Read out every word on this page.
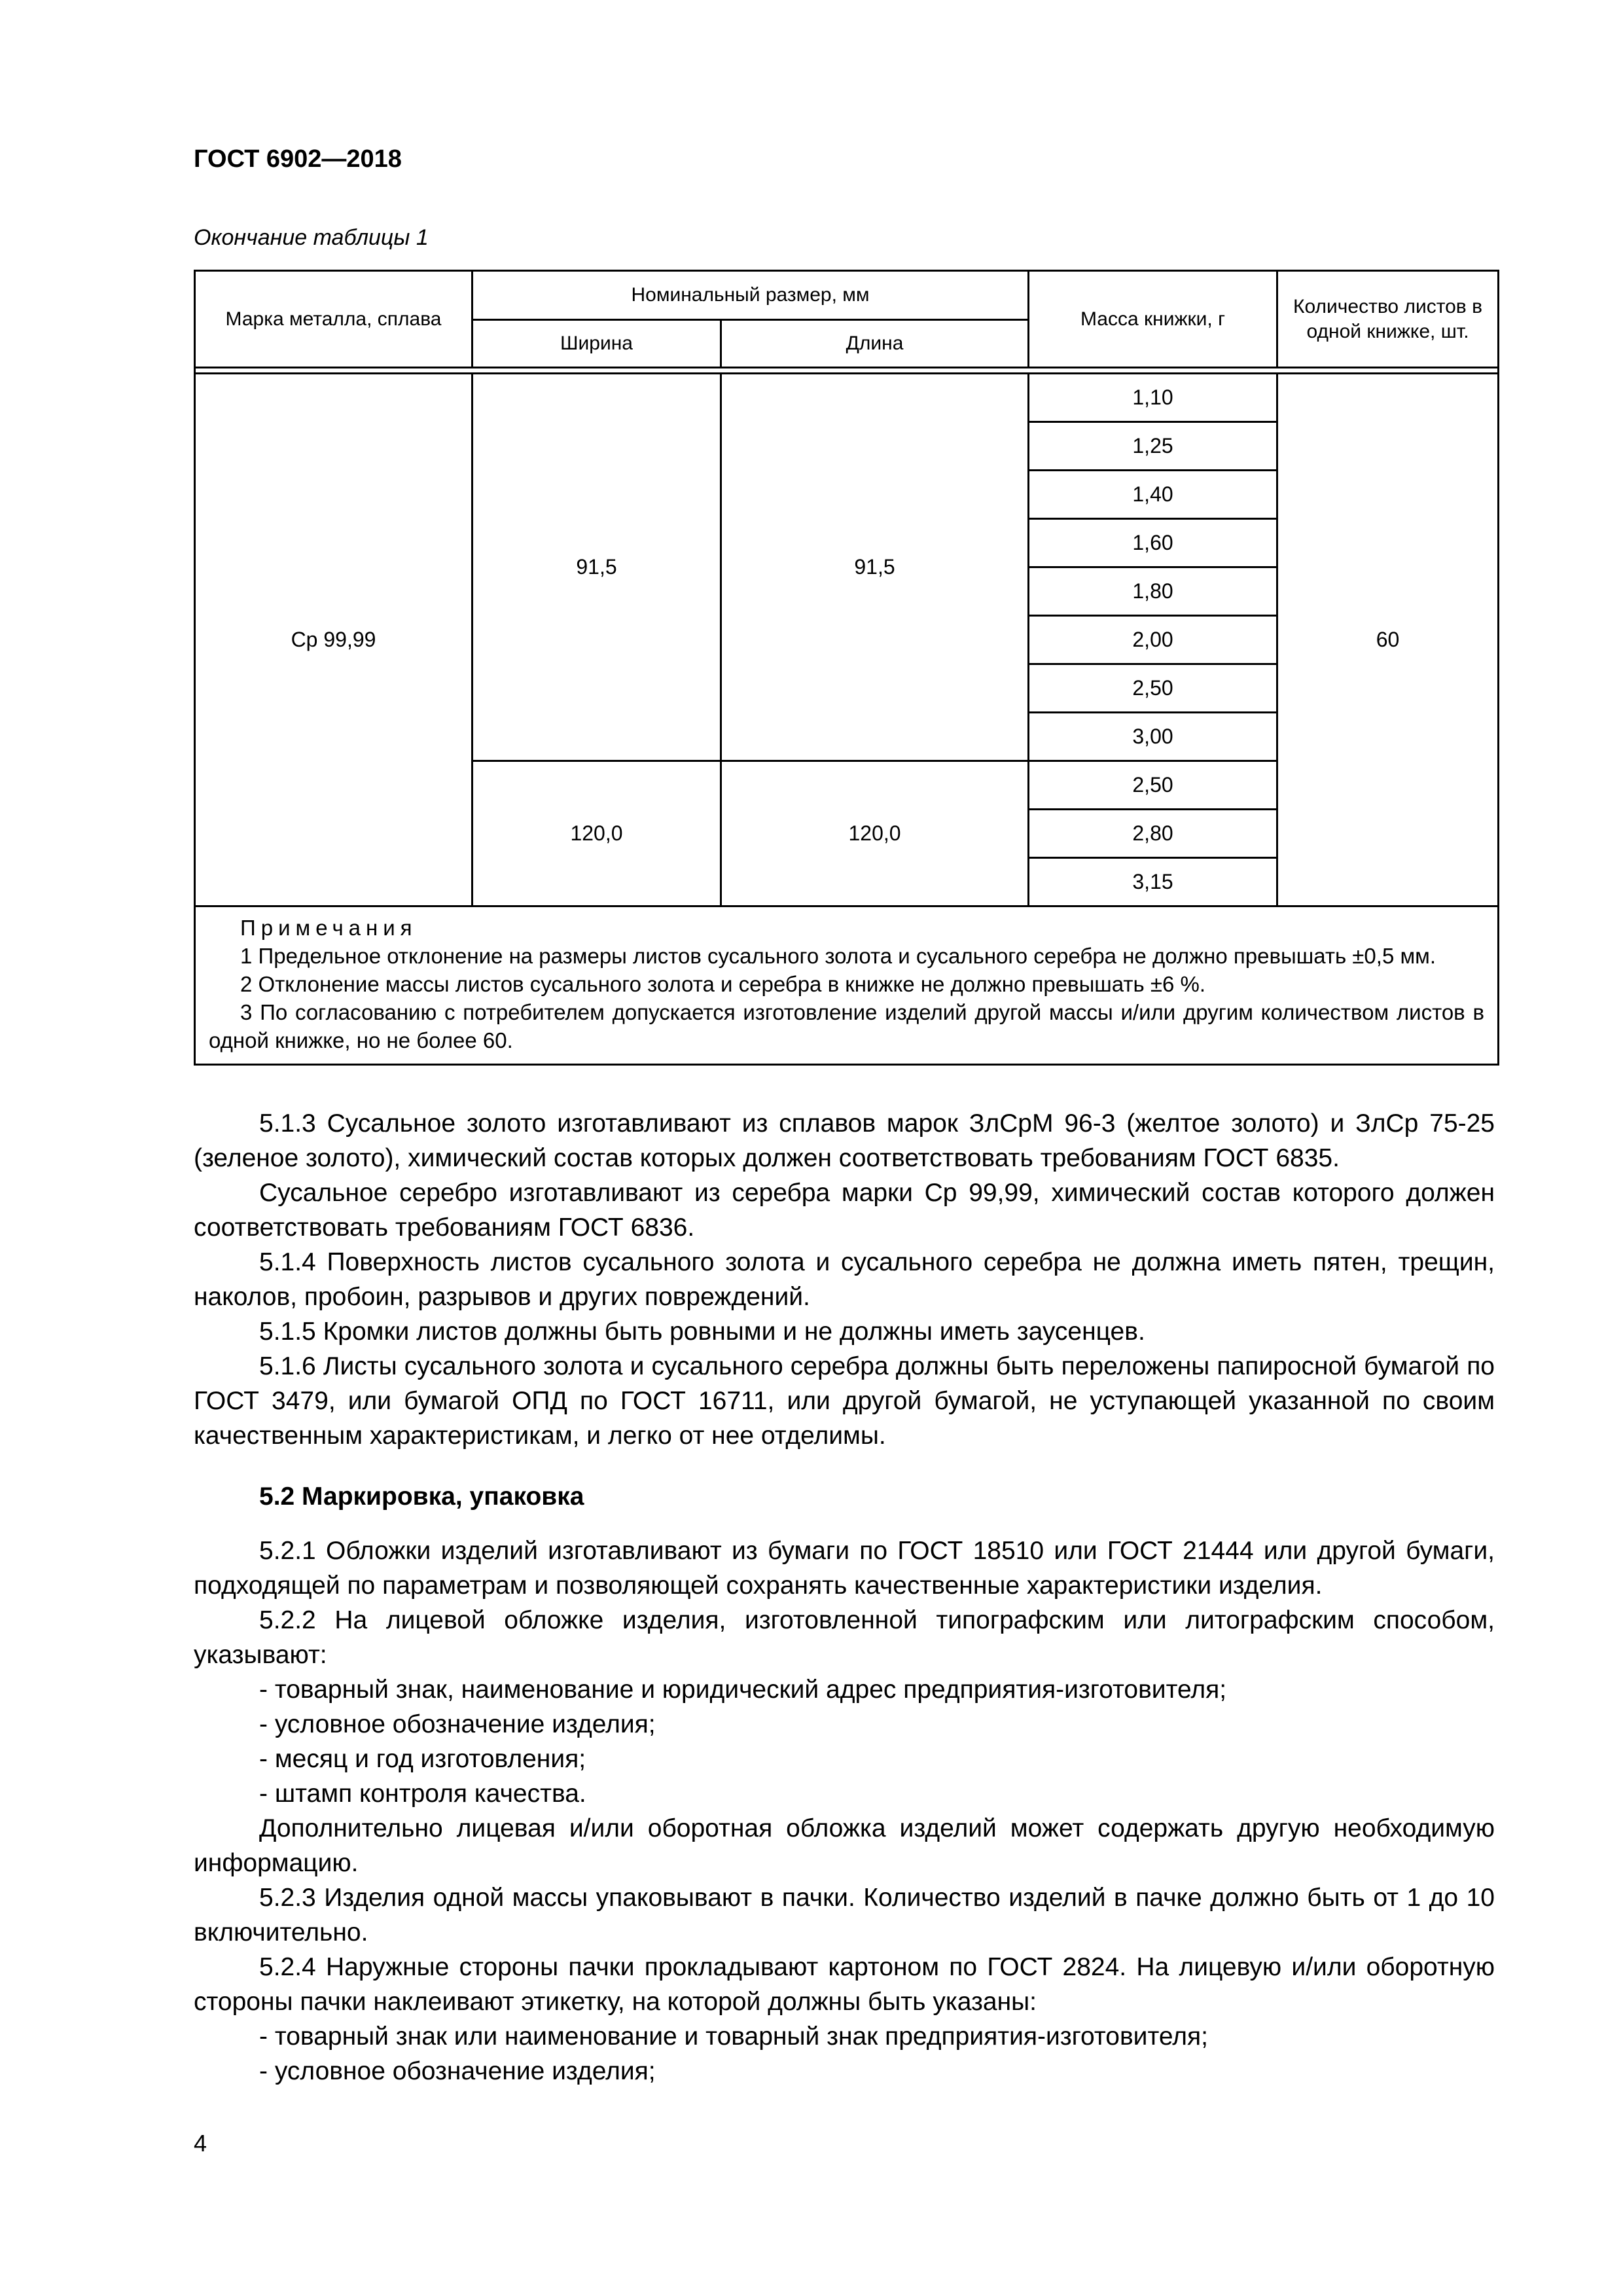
ГОСТ 6902—2018

Окончание таблицы 1

Марка металла, сплава	Номинальный размер, мм		Масса книжки, г	Количество листов в одной книжке, шт.
	Ширина	Длина		

Ср 99,99	91,5	91,5	1,10	60
			1,25	
			1,40	
			1,60	
			1,80	
			2,00	
			2,50	
			3,00	
	120,0	120,0	2,50	
			2,80	
			3,15	

Примечания
1 Предельное отклонение на размеры листов сусального золота и сусального серебра не должно превышать ±0,5 мм.
2 Отклонение массы листов сусального золота и серебра в книжке не должно превышать ±6 %.
3 По согласованию с потребителем допускается изготовление изделий другой массы и/или другим количеством листов в одной книжке, но не более 60.				

5.1.3 Сусальное золото изготавливают из сплавов марок ЗлСрМ 96-3 (желтое золото) и ЗлСр 75-25 (зеленое золото), химический состав которых должен соответствовать требованиям ГОСТ 6835.

Сусальное серебро изготавливают из серебра марки Ср 99,99, химический состав которого должен соответствовать требованиям ГОСТ 6836.

5.1.4 Поверхность листов сусального золота и сусального серебра не должна иметь пятен, трещин, наколов, пробоин, разрывов и других повреждений.

5.1.5 Кромки листов должны быть ровными и не должны иметь заусенцев.

5.1.6 Листы сусального золота и сусального серебра должны быть переложены папиросной бумагой по ГОСТ 3479, или бумагой ОПД по ГОСТ 16711, или другой бумагой, не уступающей указанной по своим качественным характеристикам, и легко от нее отделимы.

5.2 Маркировка, упаковка

5.2.1 Обложки изделий изготавливают из бумаги по ГОСТ 18510 или ГОСТ 21444 или другой бумаги, подходящей по параметрам и позволяющей сохранять качественные характеристики изделия.

5.2.2 На лицевой обложке изделия, изготовленной типографским или литографским способом, указывают:

- товарный знак, наименование и юридический адрес предприятия-изготовителя;

- условное обозначение изделия;

- месяц и год изготовления;

- штамп контроля качества.

Дополнительно лицевая и/или оборотная обложка изделий может содержать другую необходимую информацию.

5.2.3 Изделия одной массы упаковывают в пачки. Количество изделий в пачке должно быть от 1 до 10 включительно.

5.2.4 Наружные стороны пачки прокладывают картоном по ГОСТ 2824. На лицевую и/или оборотную стороны пачки наклеивают этикетку, на которой должны быть указаны:

- товарный знак или наименование и товарный знак предприятия-изготовителя;

- условное обозначение изделия;

4
